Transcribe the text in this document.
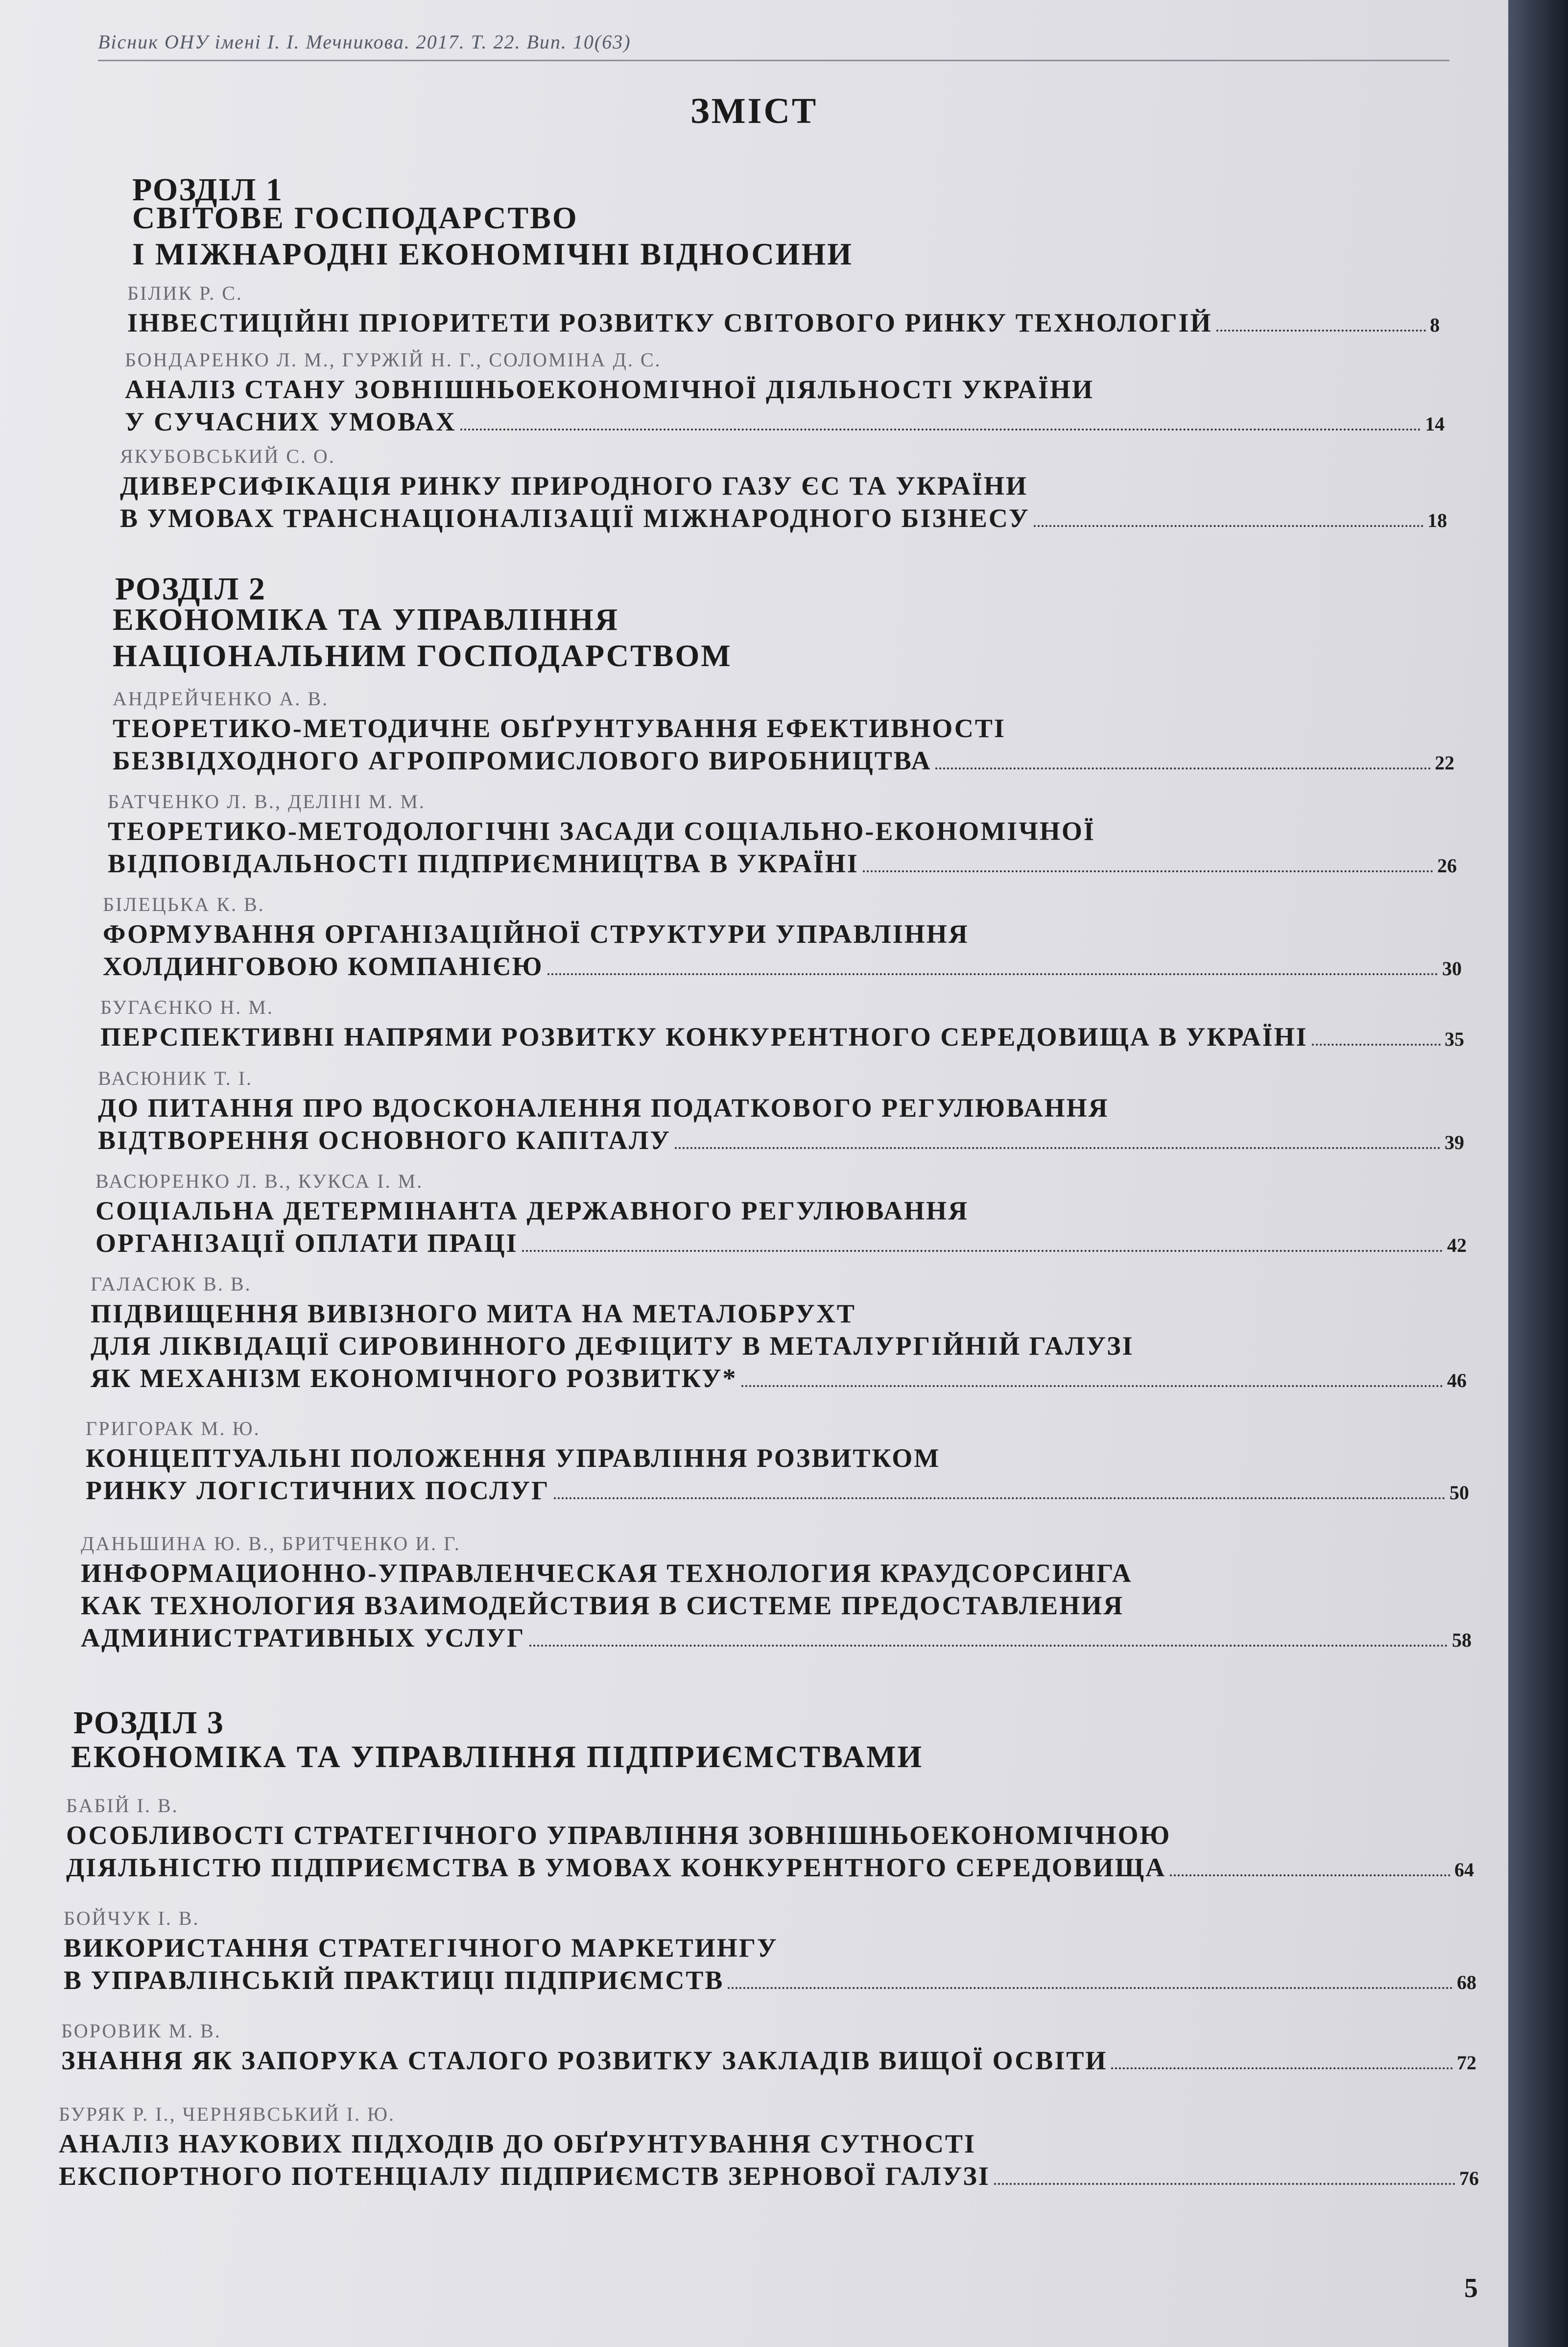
Вісник ОНУ імені І. І. Мечникова. 2017. Т. 22. Вип. 10(63)
ЗМІСТ
РОЗДІЛ 1
СВІТОВЕ ГОСПОДАРСТВО
І МІЖНАРОДНІ ЕКОНОМІЧНІ ВІДНОСИНИ
БІЛИК Р. С.
ІНВЕСТИЦІЙНІ ПРІОРИТЕТИ РОЗВИТКУ СВІТОВОГО РИНКУ ТЕХНОЛОГІЙ	8
БОНДАРЕНКО Л. М., ГУРЖІЙ Н. Г., СОЛОМІНА Д. С.
АНАЛІЗ СТАНУ ЗОВНІШНЬОЕКОНОМІЧНОЇ ДІЯЛЬНОСТІ УКРАЇНИ
У СУЧАСНИХ УМОВАХ	14
ЯКУБОВСЬКИЙ С. О.
ДИВЕРСИФІКАЦІЯ РИНКУ ПРИРОДНОГО ГАЗУ ЄС ТА УКРАЇНИ
В УМОВАХ ТРАНСНАЦІОНАЛІЗАЦІЇ МІЖНАРОДНОГО БІЗНЕСУ	18
РОЗДІЛ 2
ЕКОНОМІКА ТА УПРАВЛІННЯ
НАЦІОНАЛЬНИМ ГОСПОДАРСТВОМ
АНДРЕЙЧЕНКО А. В.
ТЕОРЕТИКО-МЕТОДИЧНЕ ОБҐРУНТУВАННЯ ЕФЕКТИВНОСТІ
БЕЗВІДХОДНОГО АГРОПРОМИСЛОВОГО ВИРОБНИЦТВА	22
БАТЧЕНКО Л. В., ДЕЛIНI М. М.
ТЕОРЕТИКО-МЕТОДОЛОГІЧНІ ЗАСАДИ СОЦІАЛЬНО-ЕКОНОМІЧНОЇ
ВІДПОВІДАЛЬНОСТІ ПІДПРИЄМНИЦТВА В УКРАЇНІ	26
БІЛЕЦЬКА К. В.
ФОРМУВАННЯ ОРГАНІЗАЦІЙНОЇ СТРУКТУРИ УПРАВЛІННЯ
ХОЛДИНГОВОЮ КОМПАНІЄЮ	30
БУГАЄНКО Н. М.
ПЕРСПЕКТИВНІ НАПРЯМИ РОЗВИТКУ КОНКУРЕНТНОГО СЕРЕДОВИЩА В УКРАЇНІ	35
ВАСЮНИК Т. І.
ДО ПИТАННЯ ПРО ВДОСКОНАЛЕННЯ ПОДАТКОВОГО РЕГУЛЮВАННЯ
ВІДТВОРЕННЯ ОСНОВНОГО КАПІТАЛУ	39
ВАСЮРЕНКО Л. В., КУКСА І. М.
СОЦІАЛЬНА ДЕТЕРМІНАНТА ДЕРЖАВНОГО РЕГУЛЮВАННЯ
ОРГАНІЗАЦІЇ ОПЛАТИ ПРАЦІ	42
ГАЛАСЮК В. В.
ПІДВИЩЕННЯ ВИВІЗНОГО МИТА НА МЕТАЛОБРУХТ
ДЛЯ ЛІКВІДАЦІЇ СИРОВИННОГО ДЕФІЦИТУ В МЕТАЛУРГІЙНІЙ ГАЛУЗІ
ЯК МЕХАНІЗМ ЕКОНОМІЧНОГО РОЗВИТКУ*	46
ГРИГОРАК М. Ю.
КОНЦЕПТУАЛЬНІ ПОЛОЖЕННЯ УПРАВЛІННЯ РОЗВИТКОМ
РИНКУ ЛОГІСТИЧНИХ ПОСЛУГ	50
ДАНЬШИНА Ю. В., БРИТЧЕНКО И. Г.
ИНФОРМАЦИОННО-УПРАВЛЕНЧЕСКАЯ ТЕХНОЛОГИЯ КРАУДСОРСИНГА
КАК ТЕХНОЛОГИЯ ВЗАИМОДЕЙСТВИЯ В СИСТЕМЕ ПРЕДОСТАВЛЕНИЯ
АДМИНИСТРАТИВНЫХ УСЛУГ	58
РОЗДІЛ 3
ЕКОНОМІКА ТА УПРАВЛІННЯ ПІДПРИЄМСТВАМИ
БАБІЙ І. В.
ОСОБЛИВОСТІ СТРАТЕГІЧНОГО УПРАВЛІННЯ ЗОВНІШНЬОЕКОНОМІЧНОЮ
ДІЯЛЬНІСТЮ ПІДПРИЄМСТВА В УМОВАХ КОНКУРЕНТНОГО СЕРЕДОВИЩА	64
БОЙЧУК І. В.
ВИКОРИСТАННЯ СТРАТЕГІЧНОГО МАРКЕТИНГУ
В УПРАВЛІНСЬКІЙ ПРАКТИЦІ ПІДПРИЄМСТВ	68
БОРОВИК М. В.
ЗНАННЯ ЯК ЗАПОРУКА СТАЛОГО РОЗВИТКУ ЗАКЛАДІВ ВИЩОЇ ОСВІТИ	72
БУРЯК Р. І., ЧЕРНЯВСЬКИЙ І. Ю.
АНАЛІЗ НАУКОВИХ ПІДХОДІВ ДО ОБҐРУНТУВАННЯ СУТНОСТІ
ЕКСПОРТНОГО ПОТЕНЦІАЛУ ПІДПРИЄМСТВ ЗЕРНОВОЇ ГАЛУЗІ	76
5
